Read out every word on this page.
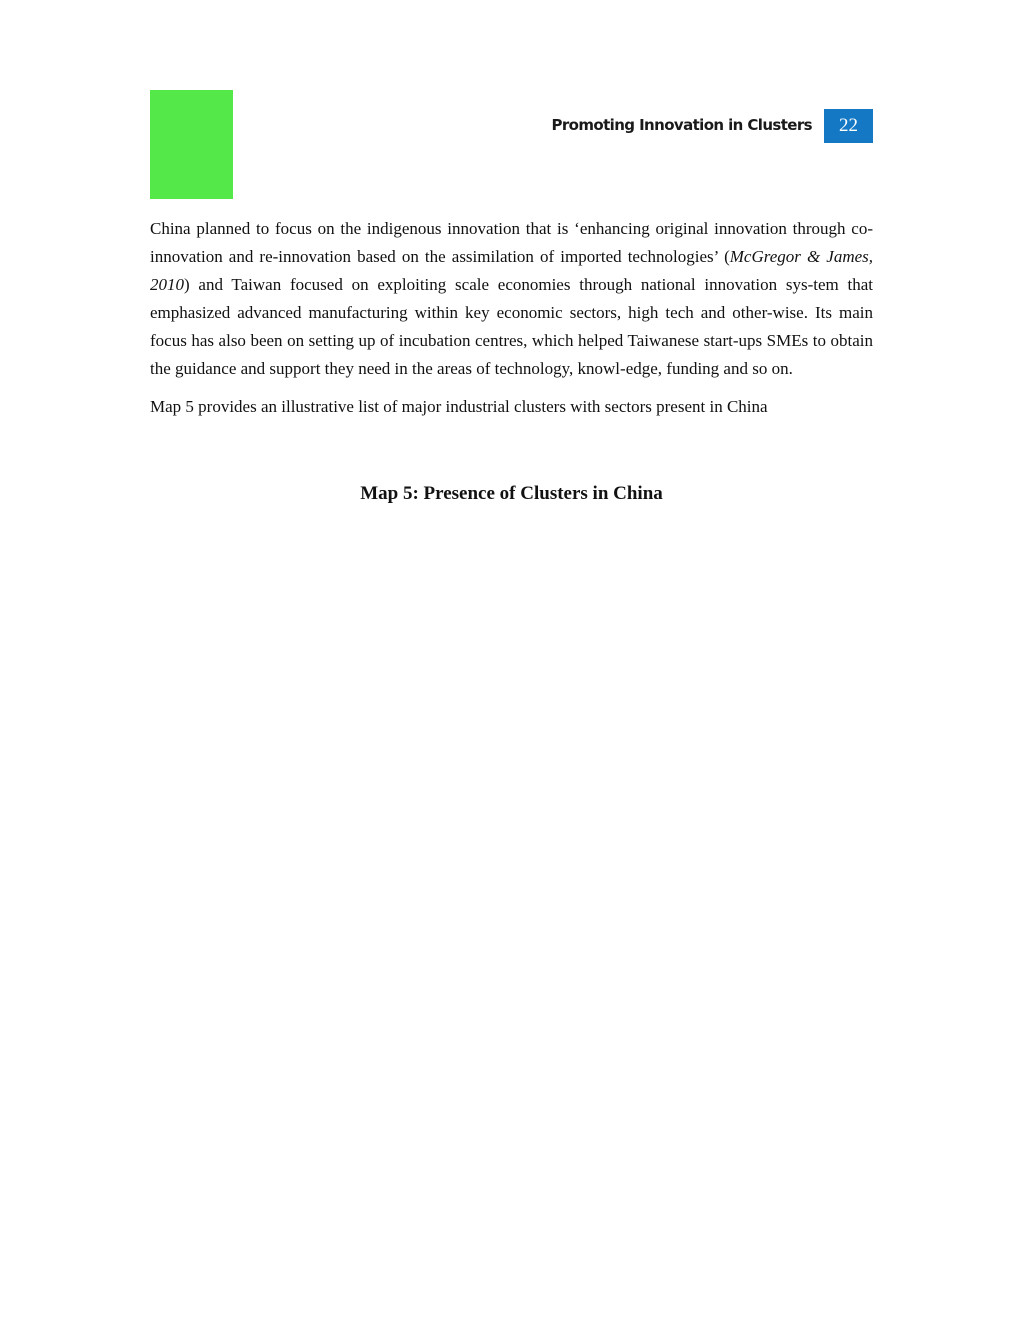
Promoting Innovation in Clusters	22

China planned to focus on the indigenous innovation that is ‘enhancing original innovation through co-innovation and re-innovation based on the assimilation of imported technologies’ (McGregor & James, 2010) and Taiwan focused on exploiting scale economies through national innovation sys-tem that emphasized advanced manufacturing within key economic sectors, high tech and other-wise. Its main focus has also been on setting up of incubation centres, which helped Taiwanese start-ups SMEs to obtain the guidance and support they need in the areas of technology, knowl-edge, funding and so on.

Map 5 provides an illustrative list of major industrial clusters with sectors present in China

Map 5: Presence of Clusters in China
